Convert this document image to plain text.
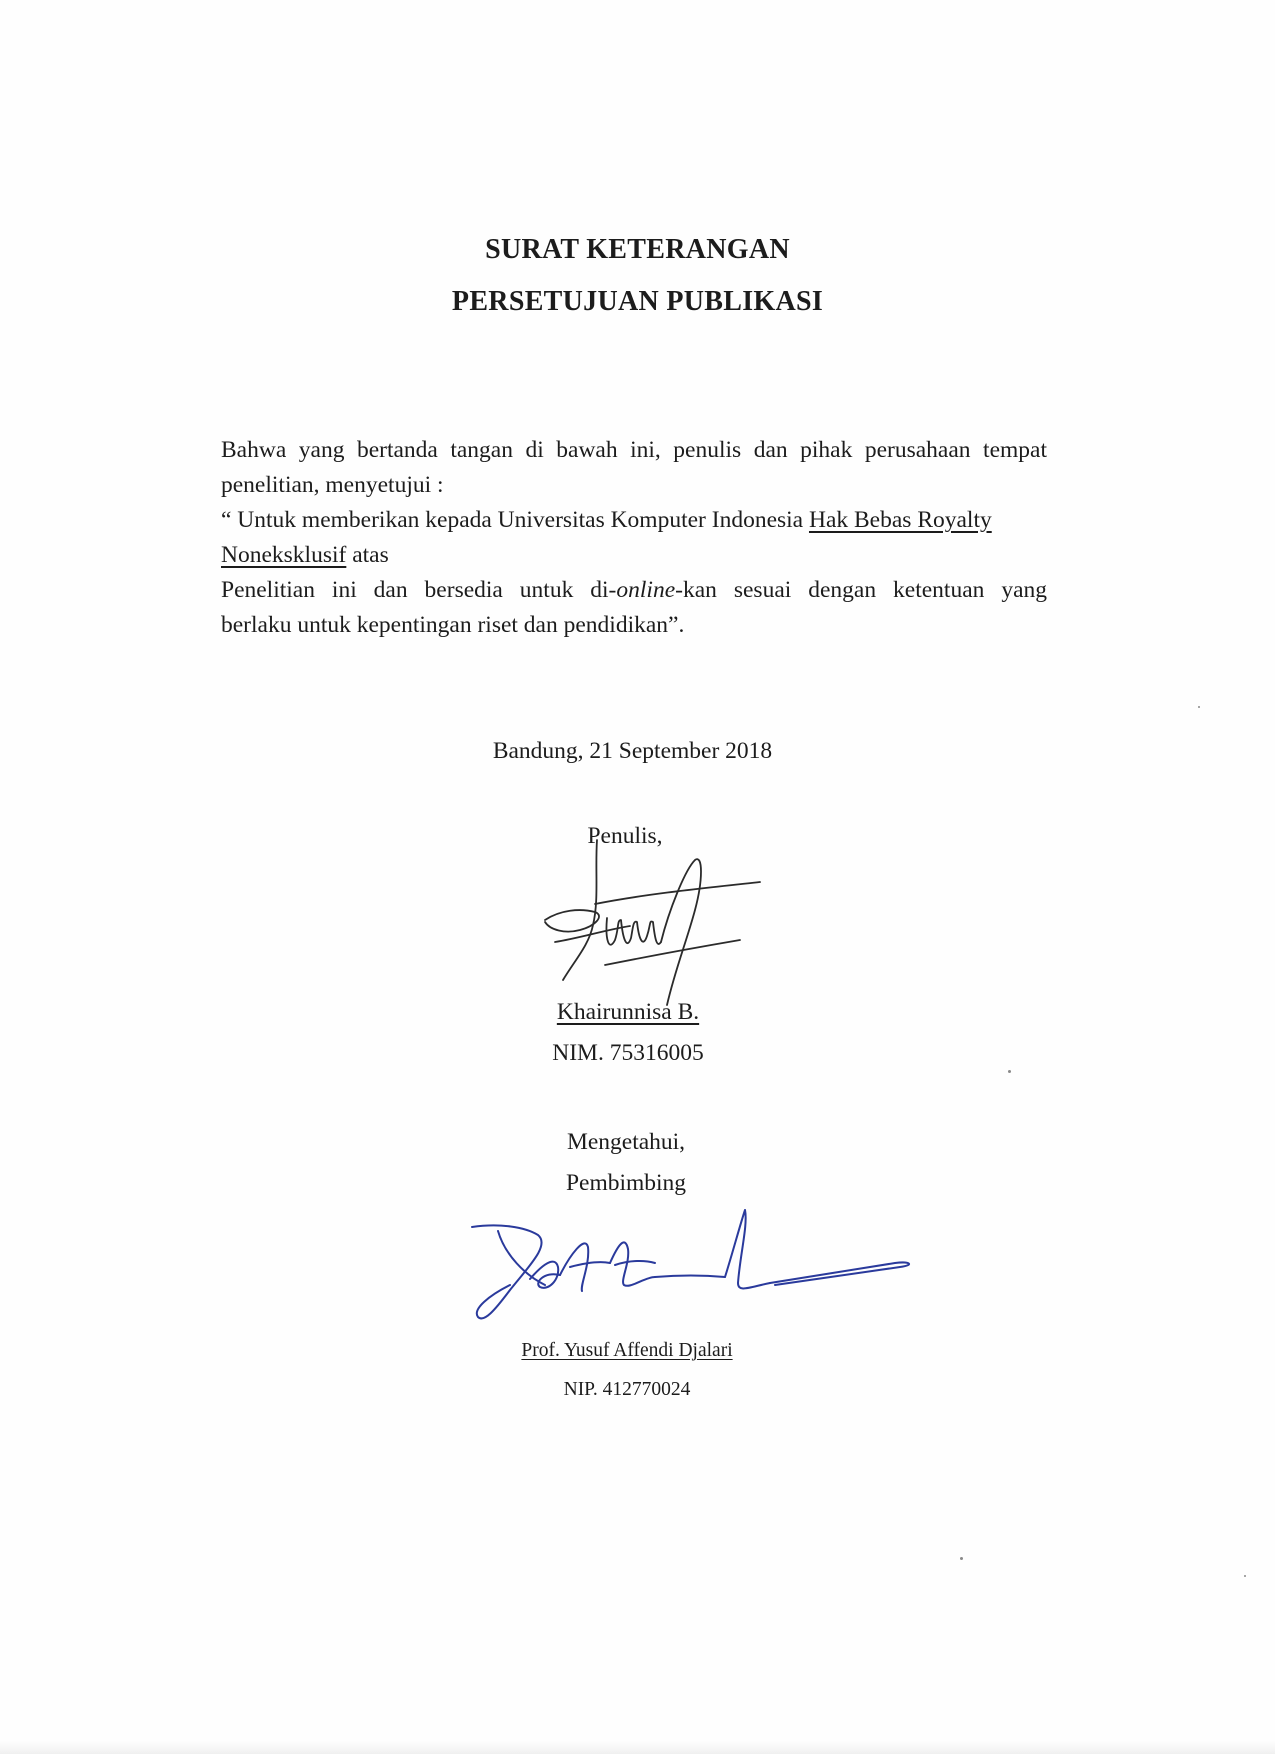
SURAT KETERANGAN
PERSETUJUAN PUBLIKASI
Bahwa yang bertanda tangan di bawah ini, penulis dan pihak perusahaan tempat
penelitian, menyetujui :
“ Untuk memberikan kepada Universitas Komputer Indonesia Hak Bebas Royalty
Noneksklusif atas
Penelitian ini dan bersedia untuk di-online-kan sesuai dengan ketentuan yang
berlaku untuk kepentingan riset dan pendidikan”.
Bandung, 21 September 2018
Penulis,
Khairunnisa B.
NIM. 75316005
Mengetahui,
Pembimbing
Prof. Yusuf Affendi Djalari
NIP. 412770024
